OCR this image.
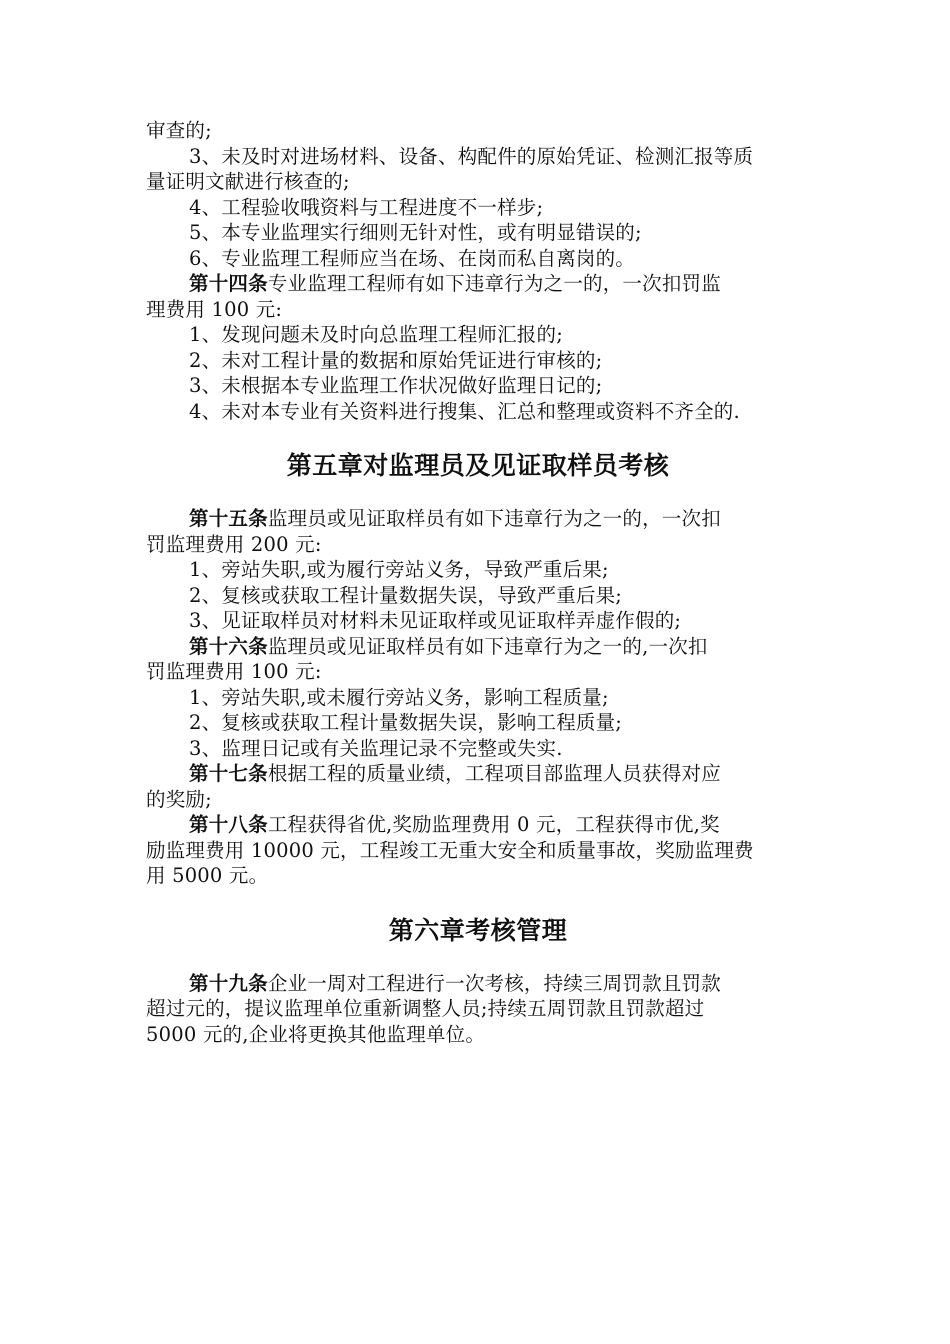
审查的;
3、未及时对进场材料、设备、构配件的原始凭证、检测汇报等质
量证明文献进行核查的;
4、工程验收哦资料与工程进度不一样步;
5、本专业监理实行细则无针对性，或有明显错误的;
6、专业监理工程师应当在场、在岗而私自离岗的。
第十四条专业监理工程师有如下违章行为之一的，一次扣罚监
理费用 100 元:
1、发现问题未及时向总监理工程师汇报的;
2、未对工程计量的数据和原始凭证进行审核的;
3、未根据本专业监理工作状况做好监理日记的;
4、未对本专业有关资料进行搜集、汇总和整理或资料不齐全的.
第五章对监理员及见证取样员考核
第十五条监理员或见证取样员有如下违章行为之一的，一次扣
罚监理费用 200 元:
1、旁站失职,或为履行旁站义务，导致严重后果;
2、复核或获取工程计量数据失误，导致严重后果;
3、见证取样员对材料未见证取样或见证取样弄虚作假的;
第十六条监理员或见证取样员有如下违章行为之一的,一次扣
罚监理费用 100 元:
1、旁站失职,或未履行旁站义务，影响工程质量;
2、复核或获取工程计量数据失误，影响工程质量;
3、监理日记或有关监理记录不完整或失实.
第十七条根据工程的质量业绩，工程项目部监理人员获得对应
的奖励;
第十八条工程获得省优,奖励监理费用 0 元，工程获得市优,奖
励监理费用 10000 元，工程竣工无重大安全和质量事故，奖励监理费
用 5000 元。
第六章考核管理
第十九条企业一周对工程进行一次考核，持续三周罚款且罚款
超过元的，提议监理单位重新调整人员;持续五周罚款且罚款超过
5000 元的,企业将更换其他监理单位。
